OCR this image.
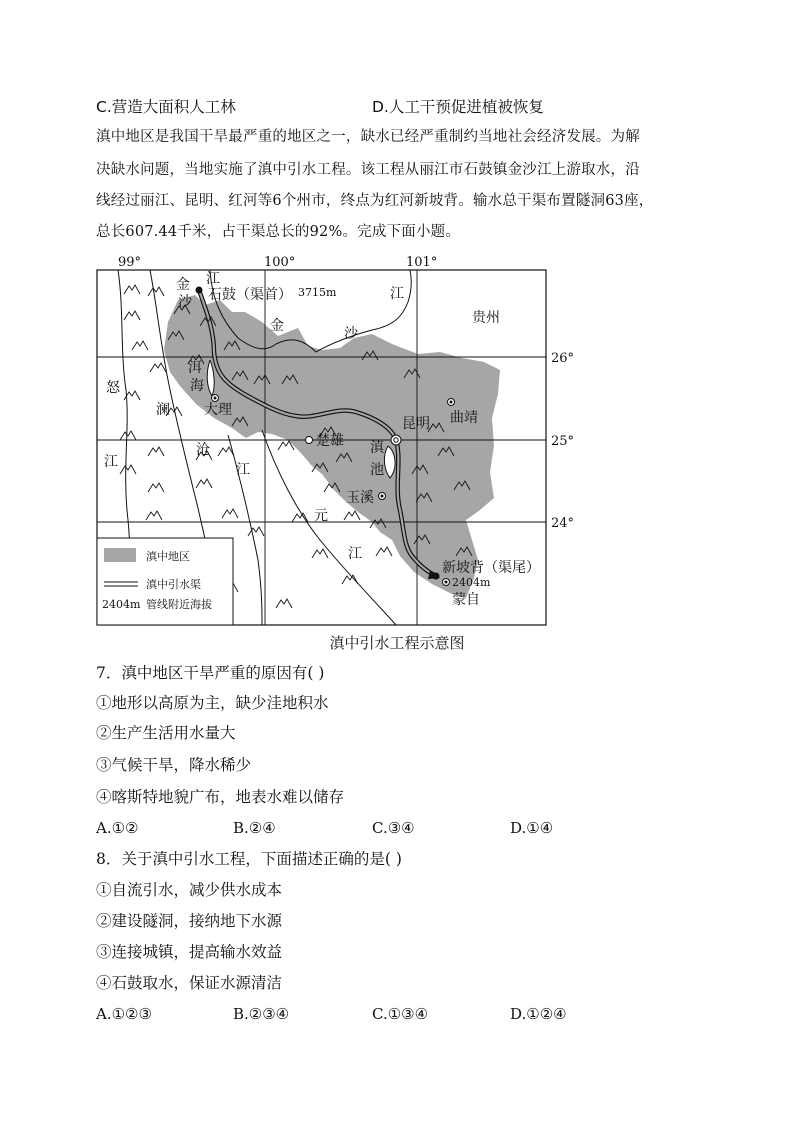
C.营造大面积人工林	D.人工干预促进植被恢复
滇中地区是我国干旱最严重的地区之一，缺水已经严重制约当地社会经济发展。为解
决缺水问题，当地实施了滇中引水工程。该工程从丽江市石鼓镇金沙江上游取水，沿
线经过丽江、昆明、红河等6个州市，终点为红河新坡背。输水总干渠布置隧洞63座，
总长607.44千米，占干渠总长的92%。完成下面小题。
99°	100°	101°
26°
25°
24°
金
沙
江
石鼓（渠首） 3715m	江
金	沙
贵州
洱
海
大理
怒
江
澜
沧
江
楚雄
昆明 曲靖
滇
池
玉溪
元
江
新坡背（渠尾）
2404m
蒙自
滇中地区
滇中引水渠
2404m 管线附近海拔
滇中引水工程示意图
7．滇中地区干旱严重的原因有( )
①地形以高原为主，缺少洼地积水
②生产生活用水量大
③气候干旱，降水稀少
④喀斯特地貌广布，地表水难以储存
A.①②	B.②④	C.③④	D.①④
8．关于滇中引水工程，下面描述正确的是( )
①自流引水，减少供水成本
②建设隧洞，接纳地下水源
③连接城镇，提高输水效益
④石鼓取水，保证水源清洁
A.①②③	B.②③④	C.①③④	D.①②④
